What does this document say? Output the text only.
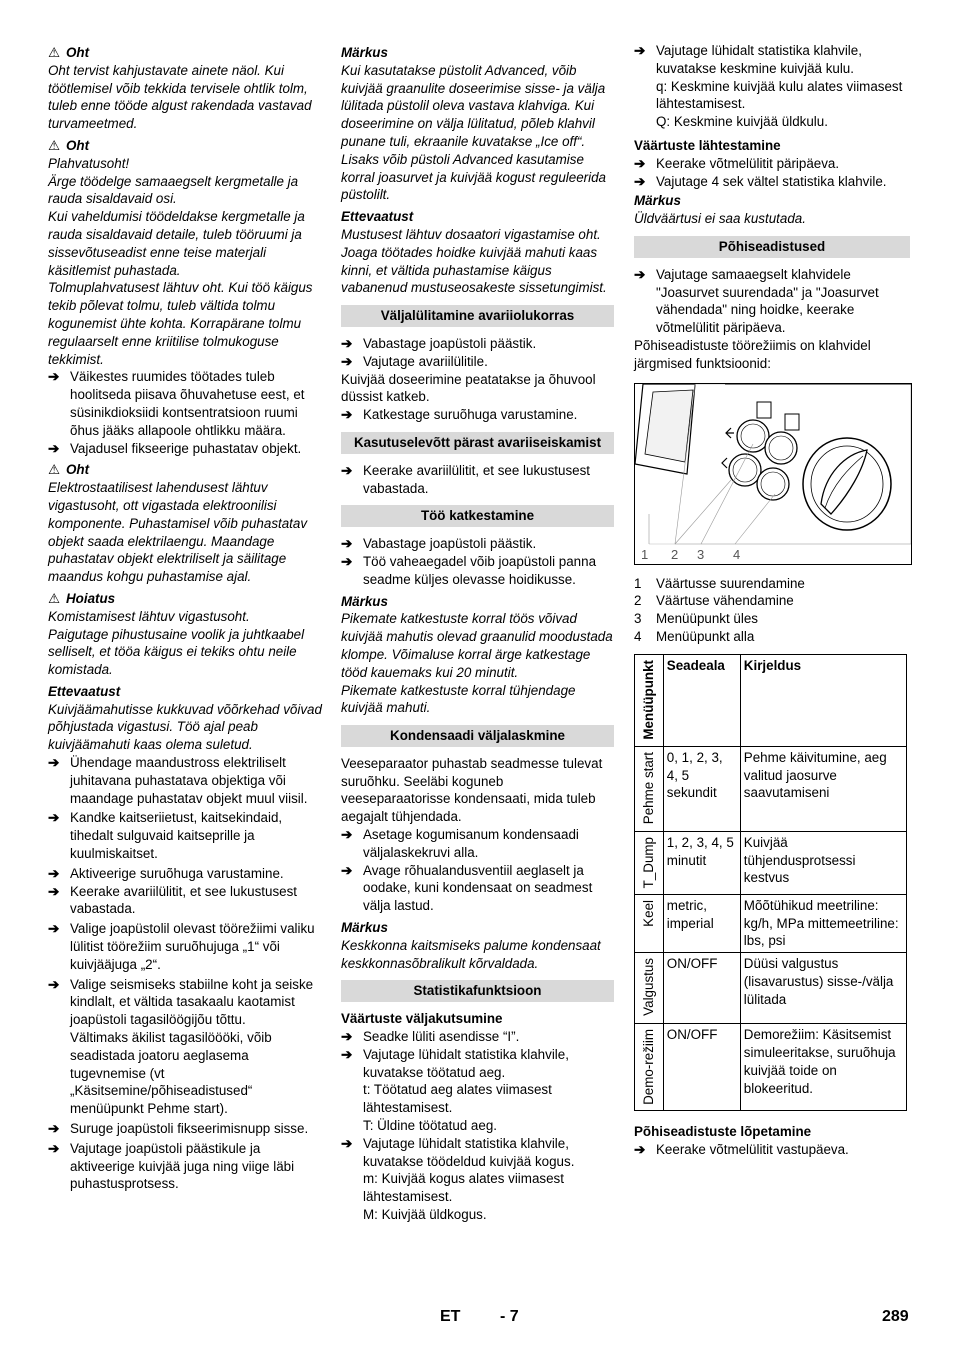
⚠ Oht

Oht tervist kahjustavate ainete näol. Kui töötlemisel võib tekkida tervisele ohtlik tolm, tuleb enne tööde algust rakendada vastavad turvameetmed.

⚠ Oht

Plahvatusoht!

Ärge töödelge samaaegselt kergmetalle ja rauda sisaldavaid osi.

Kui vaheldumisi töödeldakse kergmetalle ja rauda sisaldavaid detaile, tuleb tööruumi ja sissevõtuseadist enne teise materjali käsitlemist puhastada.

Tolmuplahvatusest lähtuv oht. Kui töö käigus tekib põlevat tolmu, tuleb vältida tolmu kogunemist ühte kohta. Korrapärane tolmu regulaarselt enne kriitilise tolmukoguse tekkimist.

➔ Väikestes ruumides töötades tuleb hoolitseda piisava õhuvahetuse eest, et süsinikdioksiidi kontsentratsioon ruumi õhus jääks allapoole ohtlikku määra.
➔ Vajadusel fikseerige puhastatav objekt.

⚠ Oht

Elektrostaatilisest lahendusest lähtuv vigastusoht, ott vigastada elektroonilisi komponente. Puhastamisel võib puhastatav objekt saada elektrilaengu. Maandage puhastatav objekt elektriliselt ja säilitage maandus kohgu puhastamise ajal.

⚠ Hoiatus

Komistamisest lähtuv vigastusoht.

Paigutage pihustusaine voolik ja juhtkaabel selliselt, et tööa käigus ei tekiks ohtu neile komistada.

Ettevaatust

Kuivjäämahutisse kukkuvad võõrkehad võivad põhjustada vigastusi. Töö ajal peab kuivjäämahuti kaas olema suletud.

➔ Ühendage maandustross elektriliselt juhitavana puhastatava objektiga või maandage puhastatav objekt muul viisil.
➔ Kandke kaitseriietust, kaitsekindaid, tihedalt sulguvaid kaitseprille ja kuulmiskaitset.
➔ Aktiveerige suruõhuga varustamine.
➔ Keerake avariilülitit, et see lukustusest vabastada.
➔ Valige joapüstolil olevast töörežiimi valiku lülitist töörežiim suruõhujuga „1“ või kuivjääjuga „2“.
➔ Valige seismiseks stabiilne koht ja seiske kindlalt, et vältida tasakaalu kaotamist joapüstoli tagasilöögijõu tõttu.

Vältimaks äkilist tagasilöööki, võib seadistada joatoru aeglasema tugevnemise (vt „Käsitsemine/põhiseadistused“ menüüpunkt Pehme start).

➔ Suruge joapüstoli fikseerimisnupp sisse.
➔ Vajutage joapüstoli päästikule ja aktiveerige kuivjää juga ning viige läbi puhastusprotsess.

Märkus

Kui kasutatakse püstolit Advanced, võib kuivjää graanulite doseerimise sisse- ja välja lülitada püstolil oleva vastava klahviga. Kui doseerimine on välja lülitatud, põleb klahvil punane tuli, ekraanile kuvatakse „Ice off“.

Lisaks võib püstoli Advanced kasutamise korral joasurvet ja kuivjää kogust reguleerida püstolilt.

Ettevaatust

Mustusest lähtuv dosaatori vigastamise oht. Joaga töötades hoidke kuivjää mahuti kaas kinni, et vältida puhastamise käigus vabanenud mustuseosakeste sissetungimist.

Väljalülitamine avariiolukorras
➔ Vabastage joapüstoli päästik.
➔ Vajutage avariilülitile.

Kuivjää doseerimine peatatakse ja õhuvool düssist katkeb.

➔ Katkestage suruõhuga varustamine.
Kasutuselevõtt pärast avariiseiskamist
➔ Keerake avariilülitit, et see lukustusest vabastada.
Töö katkestamine
➔ Vabastage joapüstoli päästik.
➔ Töö vaheaegadel võib joapüstoli panna seadme küljes olevasse hoidikusse.

Märkus

Pikemate katkestuste korral töös võivad kuivjää mahutis olevad graanulid moodustada klompe. Võimaluse korral ärge katkestage tööd kauemaks kui 20 minutit.

Pikemate katkestuste korral tühjendage kuivjää mahuti.

Kondensaadi väljalaskmine

Veeseparaator puhastab seadmesse tulevat suruõhku. Seeläbi koguneb veeseparaatorisse kondensaati, mida tuleb aegajalt tühjendada.

➔ Asetage kogumisanum kondensaadi väljalaskekruvi alla.
➔ Avage rõhualandusventiil aeglaselt ja oodake, kuni kondensaat on seadmest välja lastud.

Märkus

Keskkonna kaitsmiseks palume kondensaat keskkonnasõbralikult kõrvaldada.

Statistikafunktsioon

Väärtuste väljakutsumine

➔ Seadke lüliti asendisse “I”.
➔ Vajutage lühidalt statistika klahvile, kuvatakse töötatud aeg.

t: Töötatud aeg alates viimasest lähtestamisest.

T: Üldine töötatud aeg.

➔ Vajutage lühidalt statistika klahvile, kuvatakse töödeldud kuivjää kogus.

m: Kuivjää kogus alates viimasest lähtestamisest.

M: Kuivjää üldkogus.

➔ Vajutage lühidalt statistika klahvile, kuvatakse keskmine kuivjää kulu.

q: Keskmine kuivjää kulu alates viimasest lähtestamisest.

Q: Keskmine kuivjää üldkulu.

Väärtuste lähtestamine

➔ Keerake võtmelülitit päripäeva.
➔ Vajutage 4 sek vältel statistika klahvile.

Märkus

Üldväärtusi ei saa kustutada.

Põhiseadistused
➔ Vajutage samaaegselt klahvidele "Joasurvet suurendada" ja "Joasurvet vähendada" ning hoidke, keerake võtmelülitit päripäeva.

Põhiseadistuste töörežiimis on klahvidel järgmised funktsioonid:

1 2 3 4
1	Väärtusse suurendamine
2	Väärtuse vähendamine
3	Menüüpunkt üles
4	Menüüpunkt alla
Menüüpunkt	Seadeala	Kirjeldus

Pehme start	0, 1, 2, 3, 4, 5 sekundit	Pehme käivitumine, aeg valitud jaosurve saavutamiseni

T_Dump	1, 2, 3, 4, 5 minutit	Kuivjää tühjendusprotsessi kestvus

Keel	metric, imperial	Mõõtühikud meetriline: kg/h, MPa mittemeetriline: lbs, psi

Valgustus	ON/OFF	Düüsi valgustus (lisavarustus) sisse-/välja lülitada

Demo-režiim	ON/OFF	Demorežiim: Käsitsemist simuleeritakse, suruõhuja kuivjää toide on blokeeritud.

Põhiseadistuste lõpetamine

➔ Keerake võtmelülitit vastupäeva.
ET - 7	289
